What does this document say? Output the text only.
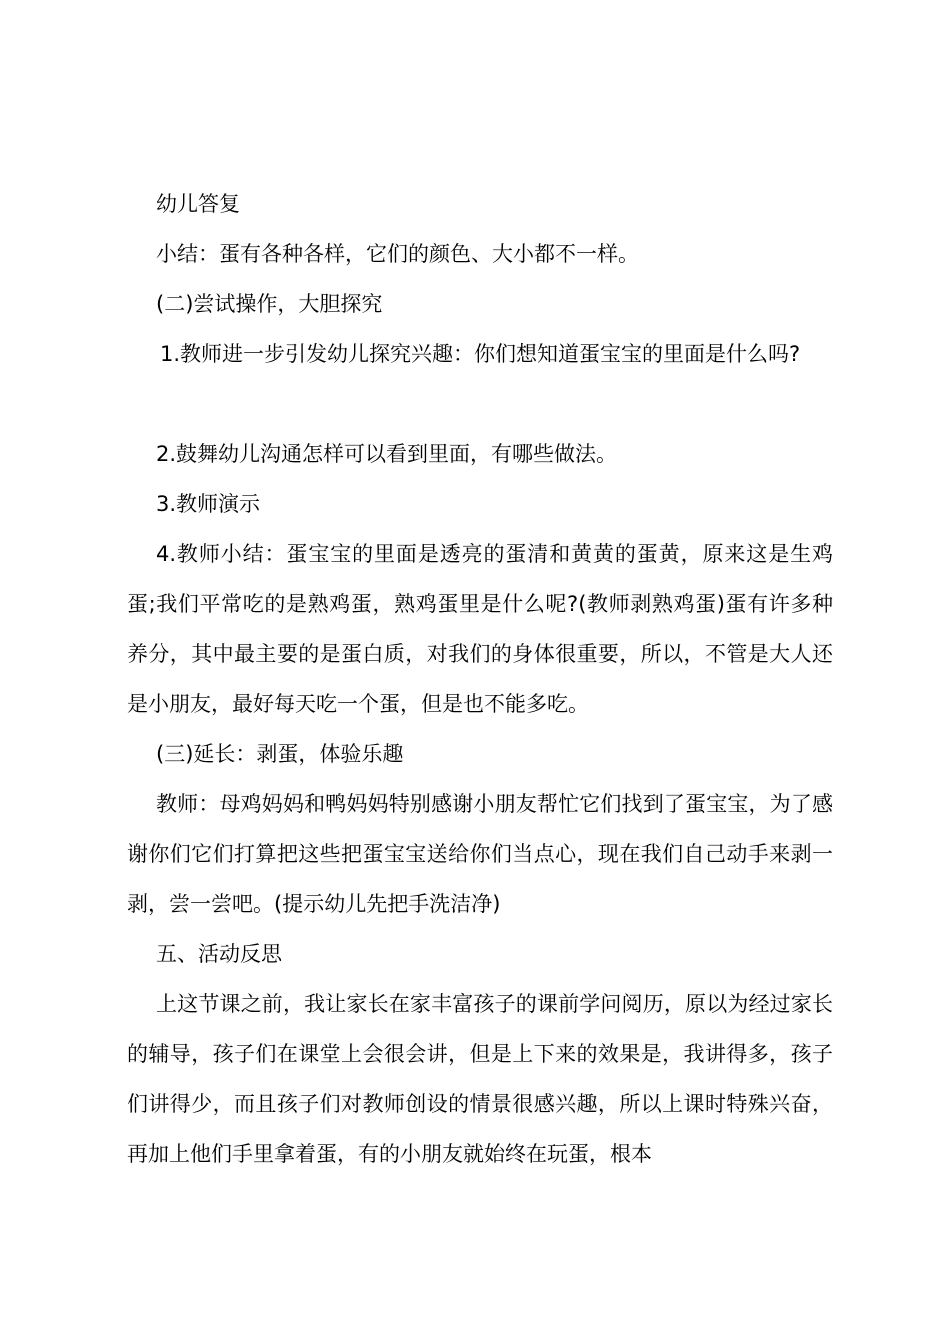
幼儿答复

小结：蛋有各种各样，它们的颜色、大小都不一样。

(二)尝试操作，大胆探究

1.教师进一步引发幼儿探究兴趣：你们想知道蛋宝宝的里面是什么吗?

2.鼓舞幼儿沟通怎样可以看到里面，有哪些做法。

3.教师演示

4.教师小结：蛋宝宝的里面是透亮的蛋清和黄黄的蛋黄，原来这是生鸡蛋;我们平常吃的是熟鸡蛋，熟鸡蛋里是什么呢?(教师剥熟鸡蛋)蛋有许多种养分，其中最主要的是蛋白质，对我们的身体很重要，所以，不管是大人还是小朋友，最好每天吃一个蛋，但是也不能多吃。

(三)延长：剥蛋，体验乐趣

教师：母鸡妈妈和鸭妈妈特别感谢小朋友帮忙它们找到了蛋宝宝，为了感谢你们它们打算把这些把蛋宝宝送给你们当点心，现在我们自己动手来剥一剥，尝一尝吧。(提示幼儿先把手洗洁净)

五、活动反思

上这节课之前，我让家长在家丰富孩子的课前学问阅历，原以为经过家长的辅导，孩子们在课堂上会很会讲，但是上下来的效果是，我讲得多，孩子们讲得少，而且孩子们对教师创设的情景很感兴趣，所以上课时特殊兴奋，再加上他们手里拿着蛋，有的小朋友就始终在玩蛋，根本
